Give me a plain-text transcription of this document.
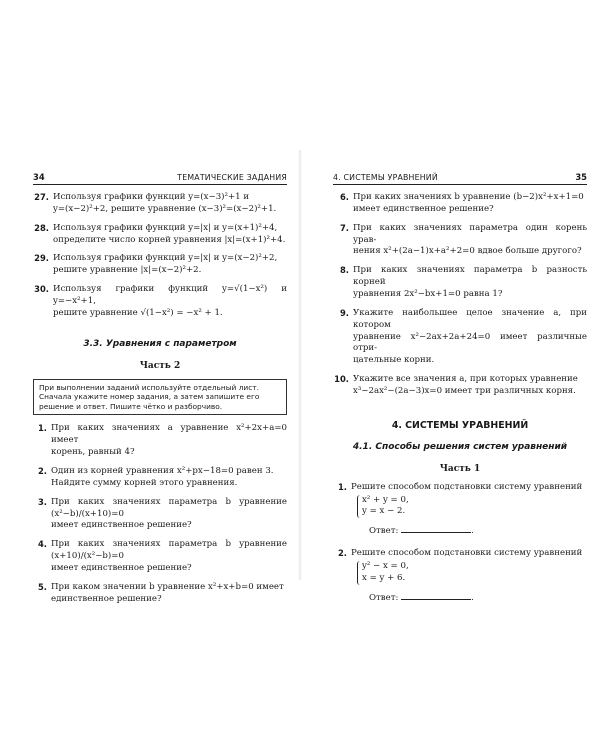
34	ТЕМАТИЧЕСКИЕ ЗАДАНИЯ
27. Используя графики функций y=(x−3)²+1 и
y=(x−2)²+2, решите уравнение (x−3)²=(x−2)²+1.
28. Используя графики функций y=|x| и y=(x+1)²+4,
определите число корней уравнения |x|=(x+1)²+4.
29. Используя графики функций y=|x| и y=(x−2)²+2,
решите уравнение |x|=(x−2)²+2.
30. Используя графики функций y=√(1−x²) и y=−x²+1,
решите уравнение √(1−x²) = −x² + 1.
3.3. Уравнения с параметром
Часть 2
При выполнении заданий используйте отдельный лист. Сначала укажите номер задания, а затем запишите его решение и ответ. Пишите чётко и разборчиво.
1. При каких значениях a уравнение x²+2x+a=0 имеет
корень, равный 4?
2. Один из корней уравнения x²+px−18=0 равен 3.
Найдите сумму корней этого уравнения.
3. При каких значениях параметра b уравнение (x²−b)/(x+10)=0
имеет единственное решение?
4. При каких значениях параметра b уравнение (x+10)/(x²−b)=0
имеет единственное решение?
5. При каком значении b уравнение x²+x+b=0 имеет
единственное решение?
4. СИСТЕМЫ УРАВНЕНИЙ	35
6. При каких значениях b уравнение (b−2)x²+x+1=0
имеет единственное решение?
7. При каких значениях параметра один корень урав-
нения x²+(2a−1)x+a²+2=0 вдвое больше другого?
8. При каких значениях параметра b разность корней
уравнения 2x²−bx+1=0 равна 1?
9. Укажите наибольшее целое значение a, при котором
уравнение x²−2ax+2a+24=0 имеет различные отри-
цательные корни.
10. Укажите все значения a, при которых уравнение
x³−2ax²−(2a−3)x=0 имеет три различных корня.
4. СИСТЕМЫ УРАВНЕНИЙ
4.1. Способы решения систем уравнений
Часть 1
1. Решите способом подстановки систему уравнений
x² + y = 0,
y = x − 2.
Ответ:	.
2. Решите способом подстановки систему уравнений
y² − x = 0,
x = y + 6.
Ответ:	.
